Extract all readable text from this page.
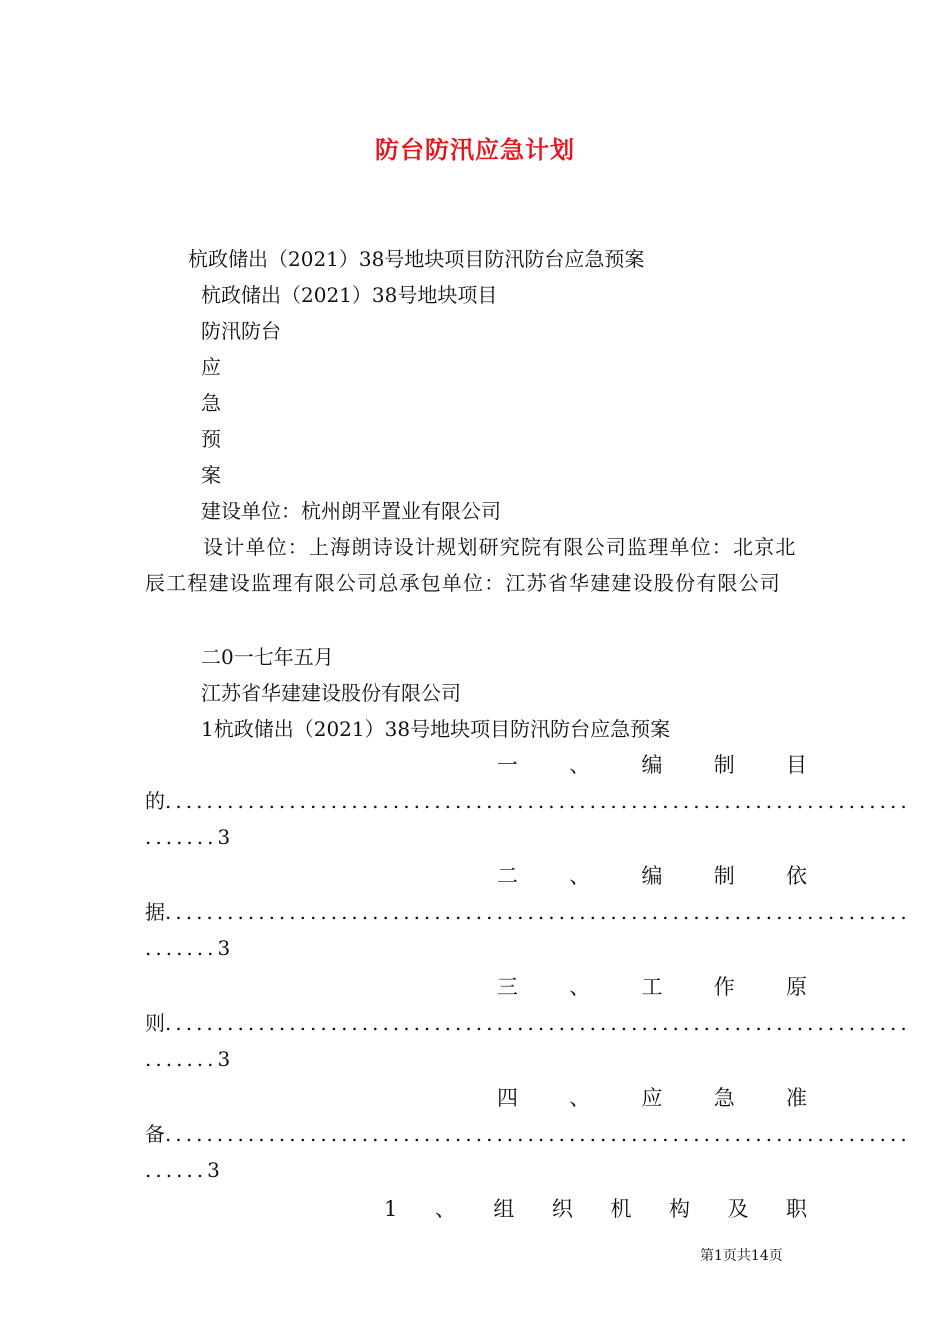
防台防汛应急计划
杭政储出（2021）38号地块项目防汛防台应急预案
杭政储出（2021）38号地块项目
防汛防台
应
急
预
案
建设单位：杭州朗平置业有限公司
设计单位：上海朗诗设计规划研究院有限公司监理单位：北京北辰工程建设监理有限公司总承包单位：江苏省华建建设股份有限公司
二0一七年五月
江苏省华建建设股份有限公司
1杭政储出（2021）38号地块项目防汛防台应急预案
一 、 编 制 目
的........................................................................
.......3
二 、 编 制 依
据........................................................................
.......3
三 、 工 作 原
则........................................................................
.......3
四 、 应 急 准
备........................................................................
......3
1 、 组 织 机 构 及 职
第1页共14页
